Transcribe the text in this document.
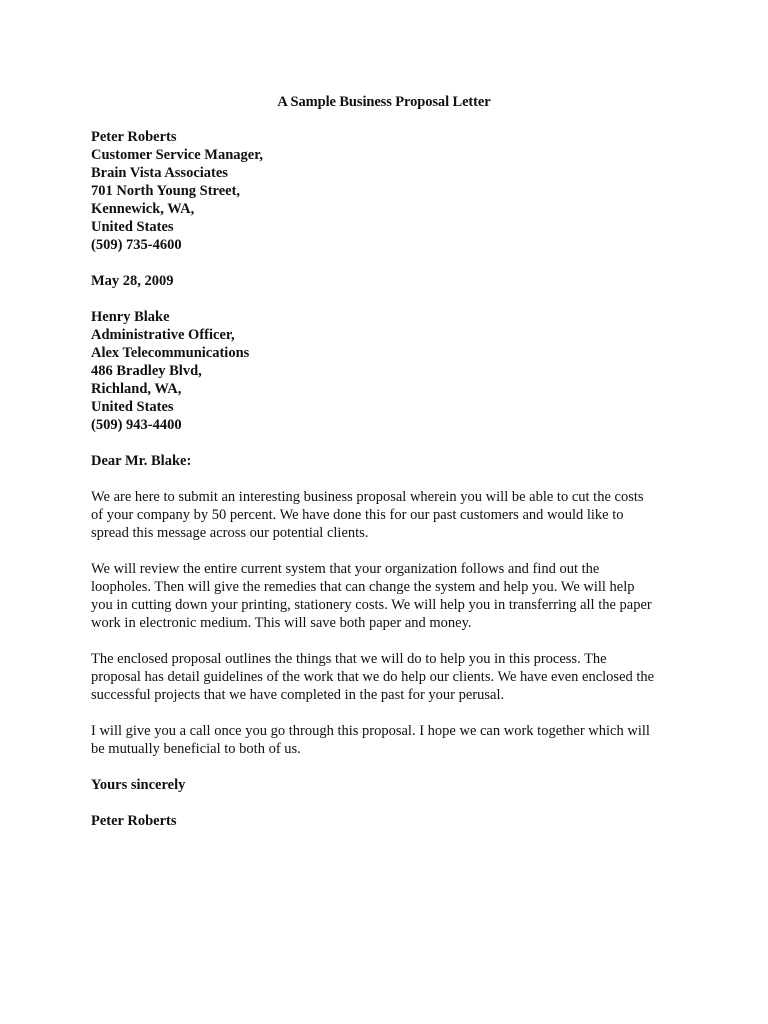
A Sample Business Proposal Letter
Peter Roberts
Customer Service Manager,
Brain Vista Associates
701 North Young Street,
Kennewick, WA,
United States
(509) 735-4600
May 28, 2009
Henry Blake
Administrative Officer,
Alex Telecommunications
486 Bradley Blvd,
Richland, WA,
United States
(509) 943-4400
Dear Mr. Blake:
We are here to submit an interesting business proposal wherein you will be able to cut the costs
of your company by 50 percent. We have done this for our past customers and would like to
spread this message across our potential clients.
We will review the entire current system that your organization follows and find out the
loopholes. Then will give the remedies that can change the system and help you. We will help
you in cutting down your printing, stationery costs. We will help you in transferring all the paper
work in electronic medium. This will save both paper and money.
The enclosed proposal outlines the things that we will do to help you in this process. The
proposal has detail guidelines of the work that we do help our clients. We have even enclosed the
successful projects that we have completed in the past for your perusal.
I will give you a call once you go through this proposal. I hope we can work together which will
be mutually beneficial to both of us.
Yours sincerely
Peter Roberts
